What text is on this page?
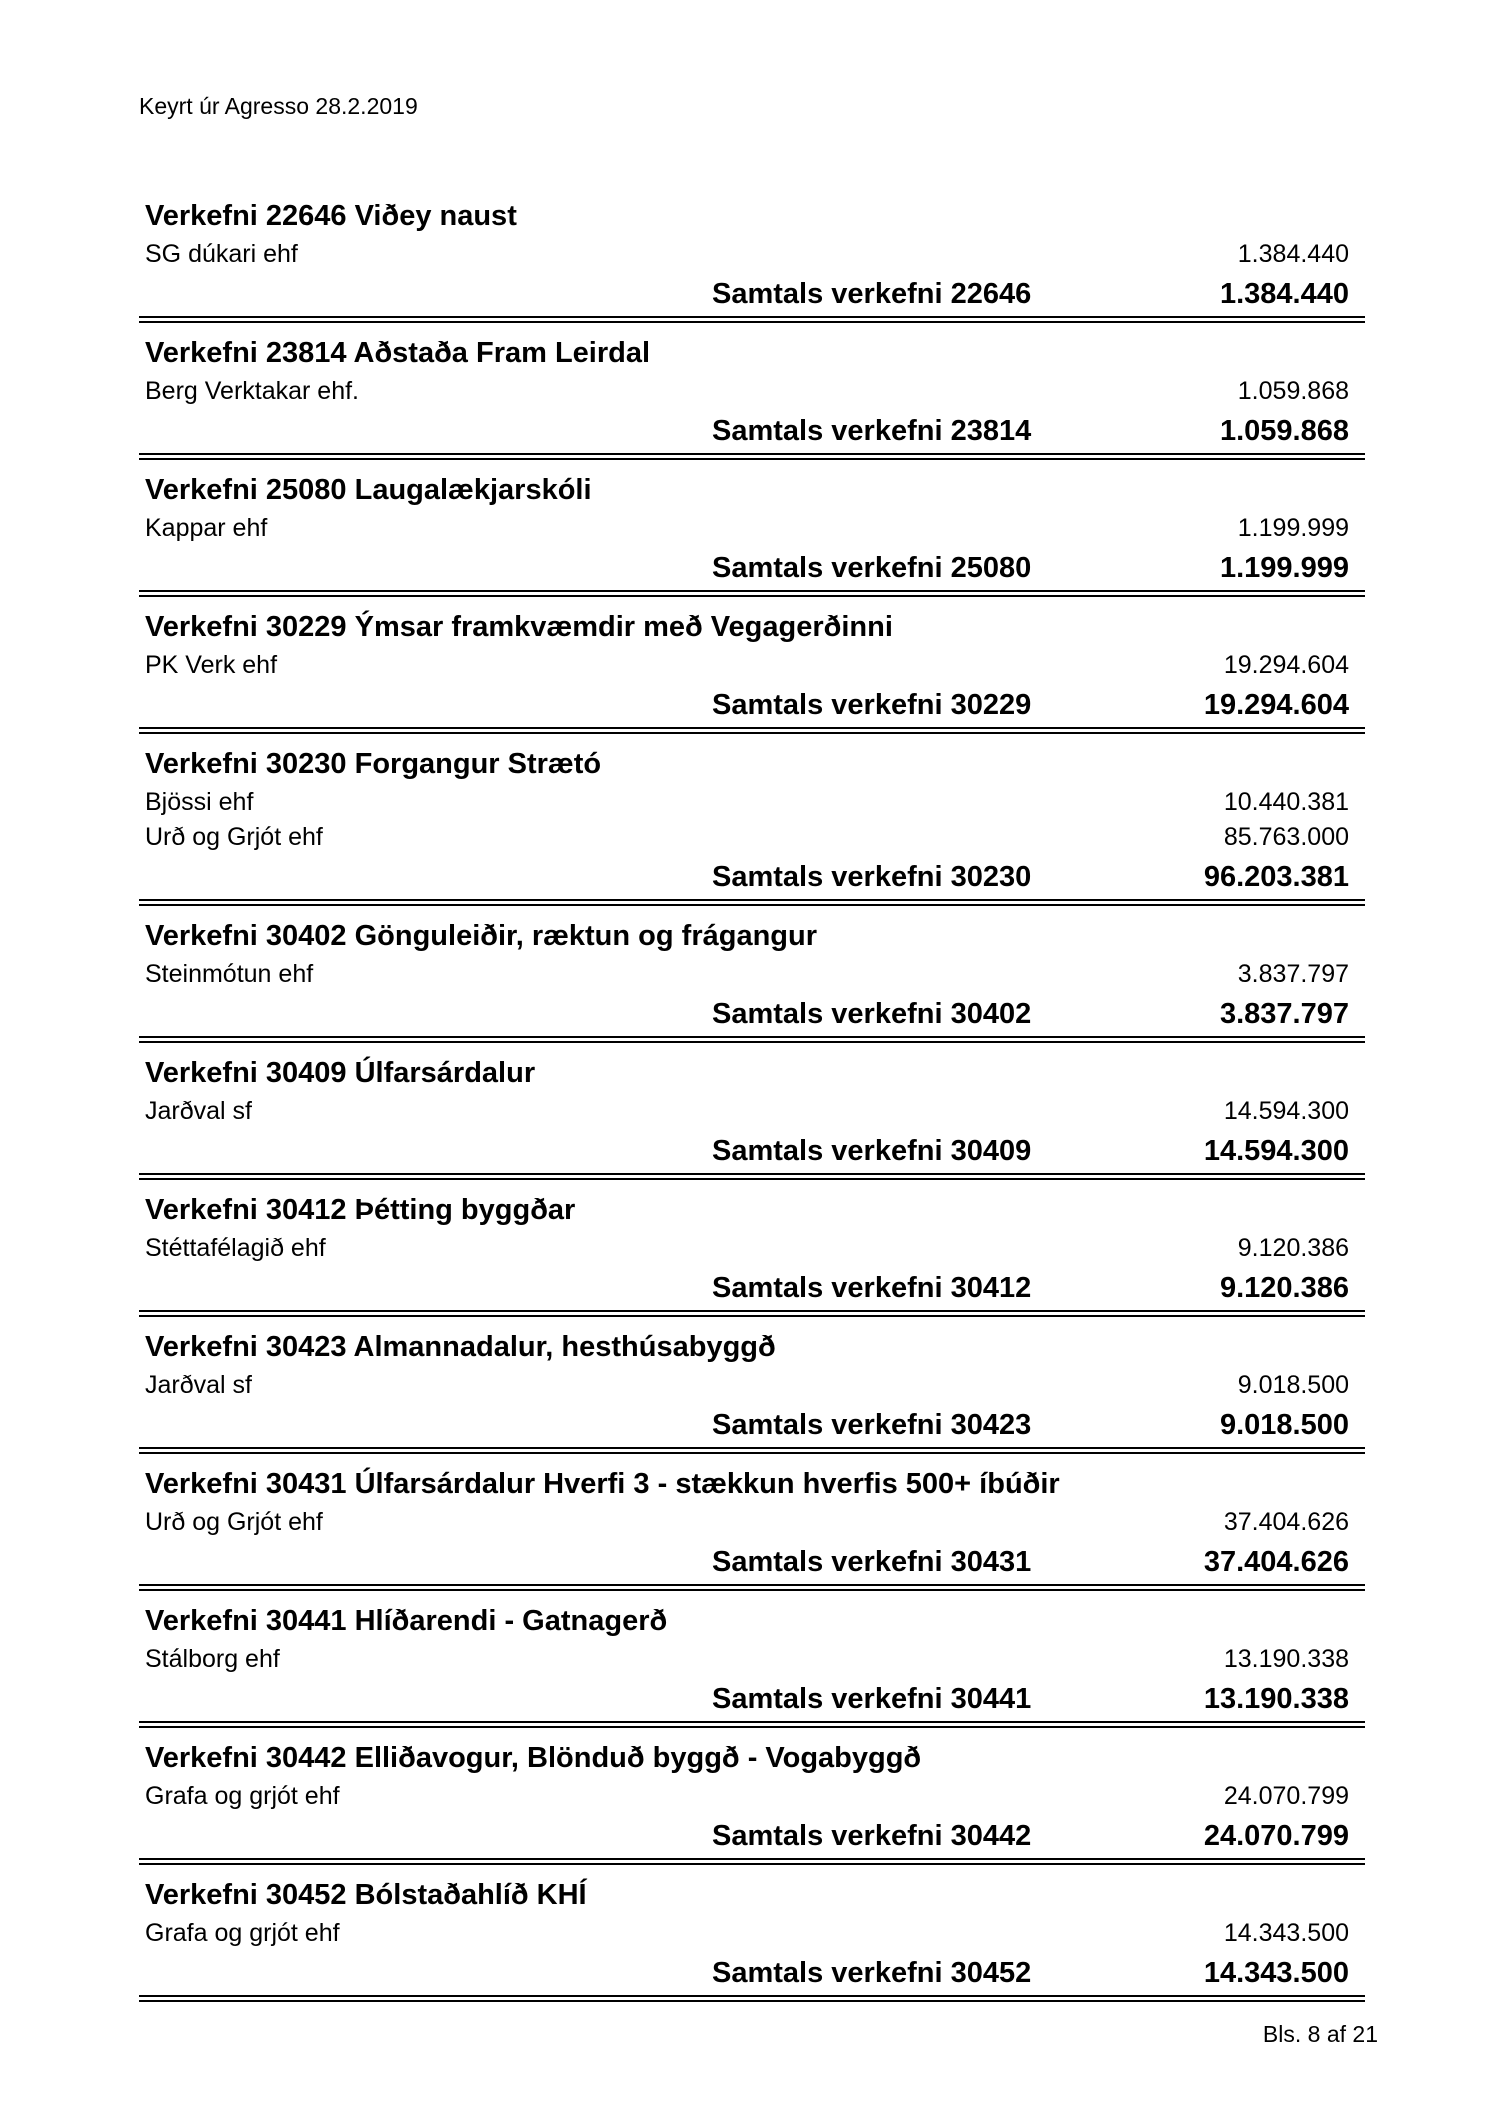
Keyrt úr Agresso 28.2.2019
Verkefni 22646 Viðey naust
SG dúkari ehf	1.384.440
Samtals verkefni 22646	1.384.440
Verkefni 23814 Aðstaða Fram Leirdal
Berg Verktakar ehf.	1.059.868
Samtals verkefni 23814	1.059.868
Verkefni 25080 Laugalækjarskóli
Kappar ehf	1.199.999
Samtals verkefni 25080	1.199.999
Verkefni 30229 Ýmsar framkvæmdir með Vegagerðinni
PK Verk ehf	19.294.604
Samtals verkefni 30229	19.294.604
Verkefni 30230 Forgangur Strætó
Bjössi ehf	10.440.381
Urð og Grjót ehf	85.763.000
Samtals verkefni 30230	96.203.381
Verkefni 30402 Gönguleiðir, ræktun og frágangur
Steinmótun ehf	3.837.797
Samtals verkefni 30402	3.837.797
Verkefni 30409 Úlfarsárdalur
Jarðval sf	14.594.300
Samtals verkefni 30409	14.594.300
Verkefni 30412 Þétting byggðar
Stéttafélagið ehf	9.120.386
Samtals verkefni 30412	9.120.386
Verkefni 30423 Almannadalur, hesthúsabyggð
Jarðval sf	9.018.500
Samtals verkefni 30423	9.018.500
Verkefni 30431 Úlfarsárdalur Hverfi 3 - stækkun hverfis 500+ íbúðir
Urð og Grjót ehf	37.404.626
Samtals verkefni 30431	37.404.626
Verkefni 30441 Hlíðarendi - Gatnagerð
Stálborg ehf	13.190.338
Samtals verkefni 30441	13.190.338
Verkefni 30442 Elliðavogur, Blönduð byggð - Vogabyggð
Grafa og grjót ehf	24.070.799
Samtals verkefni 30442	24.070.799
Verkefni 30452 Bólstaðahlíð KHÍ
Grafa og grjót ehf	14.343.500
Samtals verkefni 30452	14.343.500
Bls. 8 af 21
